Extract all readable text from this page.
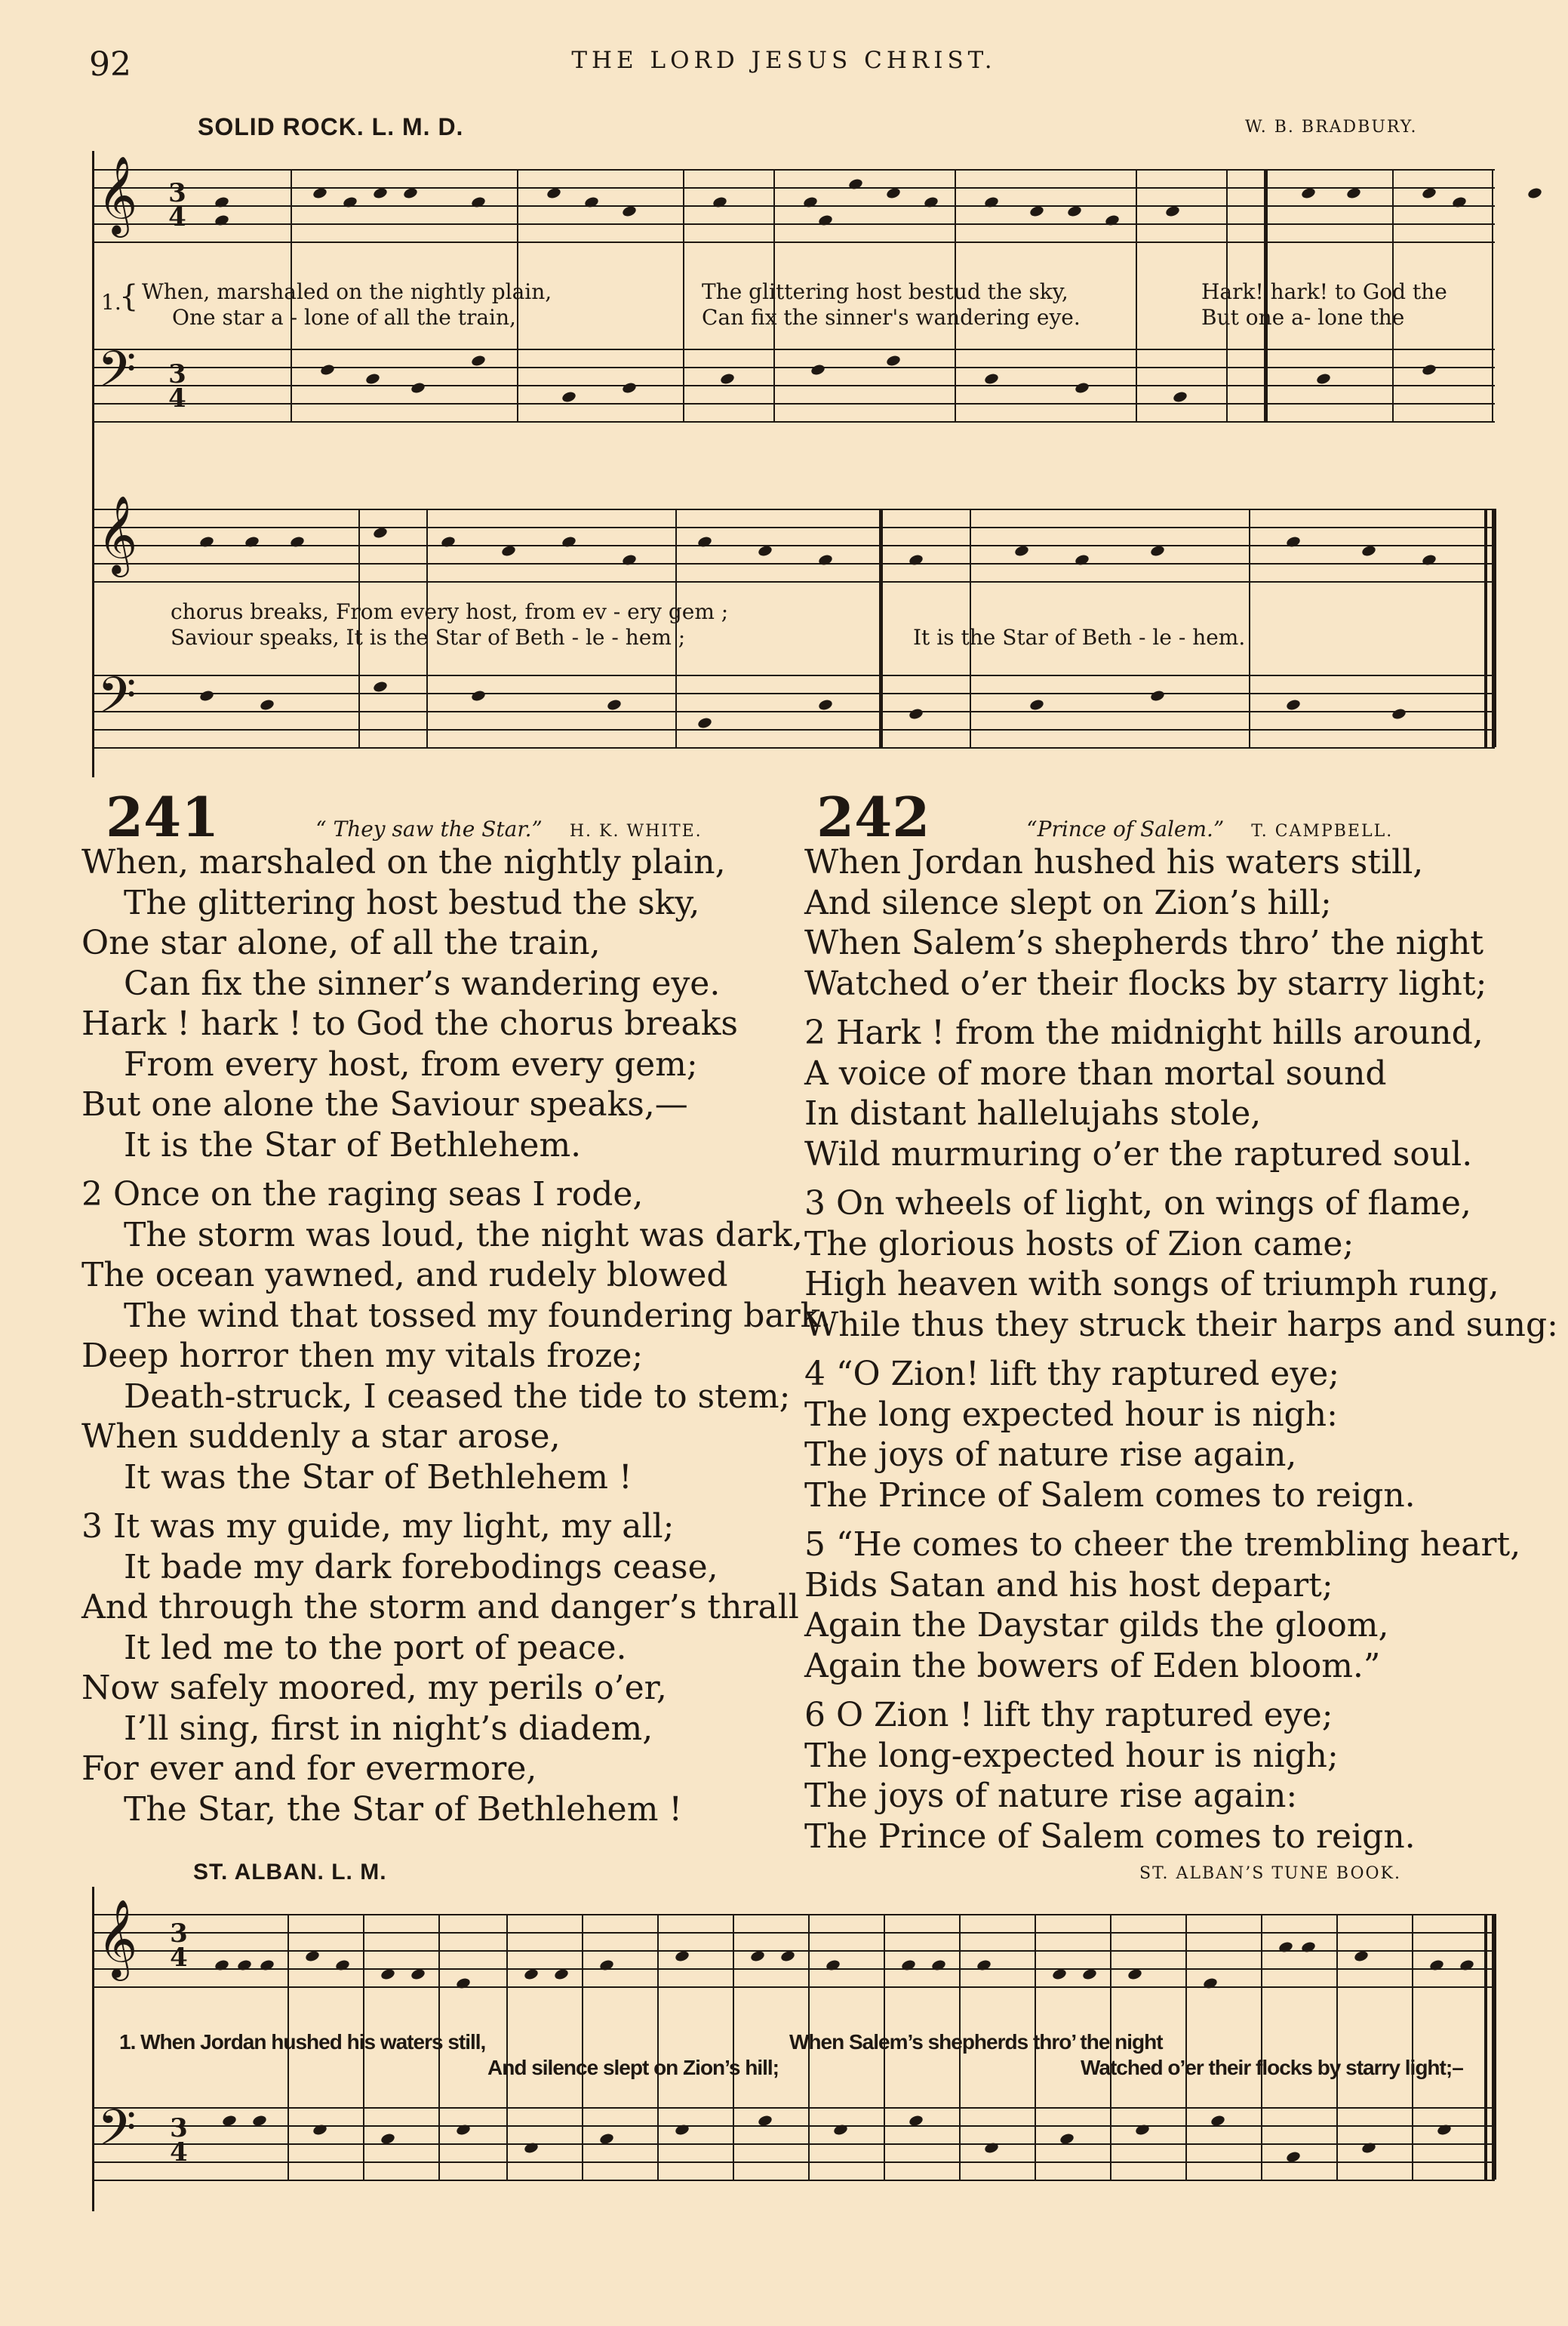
92	THE LORD JESUS CHRIST.
SOLID ROCK. L. M. D.	W. B. BRADBURY.
𝄞 3
4
𝄢 3
4
{
1. When, marshaled on the nightly plain,
One star a - lone of all the train,
The glittering host bestud the sky,
Can fix the sinner's wandering eye.
Hark! hark! to God the
But one a- lone the
𝄞
𝄢
chorus breaks, From every host, from ev - ery gem ;
Saviour speaks, It is the Star of Beth - le - hem ;	It is the Star of Beth - le - hem.
241	“ They saw the Star.” H. K. WHITE.
When, marshaled on the nightly plain,
The glittering host bestud the sky,
One star alone, of all the train,
Can fix the sinner’s wandering eye.
Hark ! hark ! to God the chorus breaks
From every host, from every gem;
But one alone the Saviour speaks,—
It is the Star of Bethlehem.
2 Once on the raging seas I rode,
The storm was loud, the night was dark,
The ocean yawned, and rudely blowed
The wind that tossed my foundering bark.
Deep horror then my vitals froze;
Death-struck, I ceased the tide to stem;
When suddenly a star arose,
It was the Star of Bethlehem !
3 It was my guide, my light, my all;
It bade my dark forebodings cease,
And through the storm and danger’s thrall
It led me to the port of peace.
Now safely moored, my perils o’er,
I’ll sing, first in night’s diadem,
For ever and for evermore,
The Star, the Star of Bethlehem !
242	“Prince of Salem.” T. CAMPBELL.
When Jordan hushed his waters still,
And silence slept on Zion’s hill;
When Salem’s shepherds thro’ the night
Watched o’er their flocks by starry light;
2 Hark ! from the midnight hills around,
A voice of more than mortal sound
In distant hallelujahs stole,
Wild murmuring o’er the raptured soul.
3 On wheels of light, on wings of flame,
The glorious hosts of Zion came;
High heaven with songs of triumph rung,
While thus they struck their harps and sung:
4 “O Zion! lift thy raptured eye;
The long expected hour is nigh:
The joys of nature rise again,
The Prince of Salem comes to reign.
5 “He comes to cheer the trembling heart,
Bids Satan and his host depart;
Again the Daystar gilds the gloom,
Again the bowers of Eden bloom.”
6 O Zion ! lift thy raptured eye;
The long-expected hour is nigh;
The joys of nature rise again:
The Prince of Salem comes to reign.
ST. ALBAN. L. M.	ST. ALBAN’S TUNE BOOK.
𝄞 3
4
𝄢 3
4
1. When Jordan hushed his waters still,
And silence slept on Zion’s hill;
When Salem’s shepherds thro’ the night
Watched o’er their flocks by starry light;–
